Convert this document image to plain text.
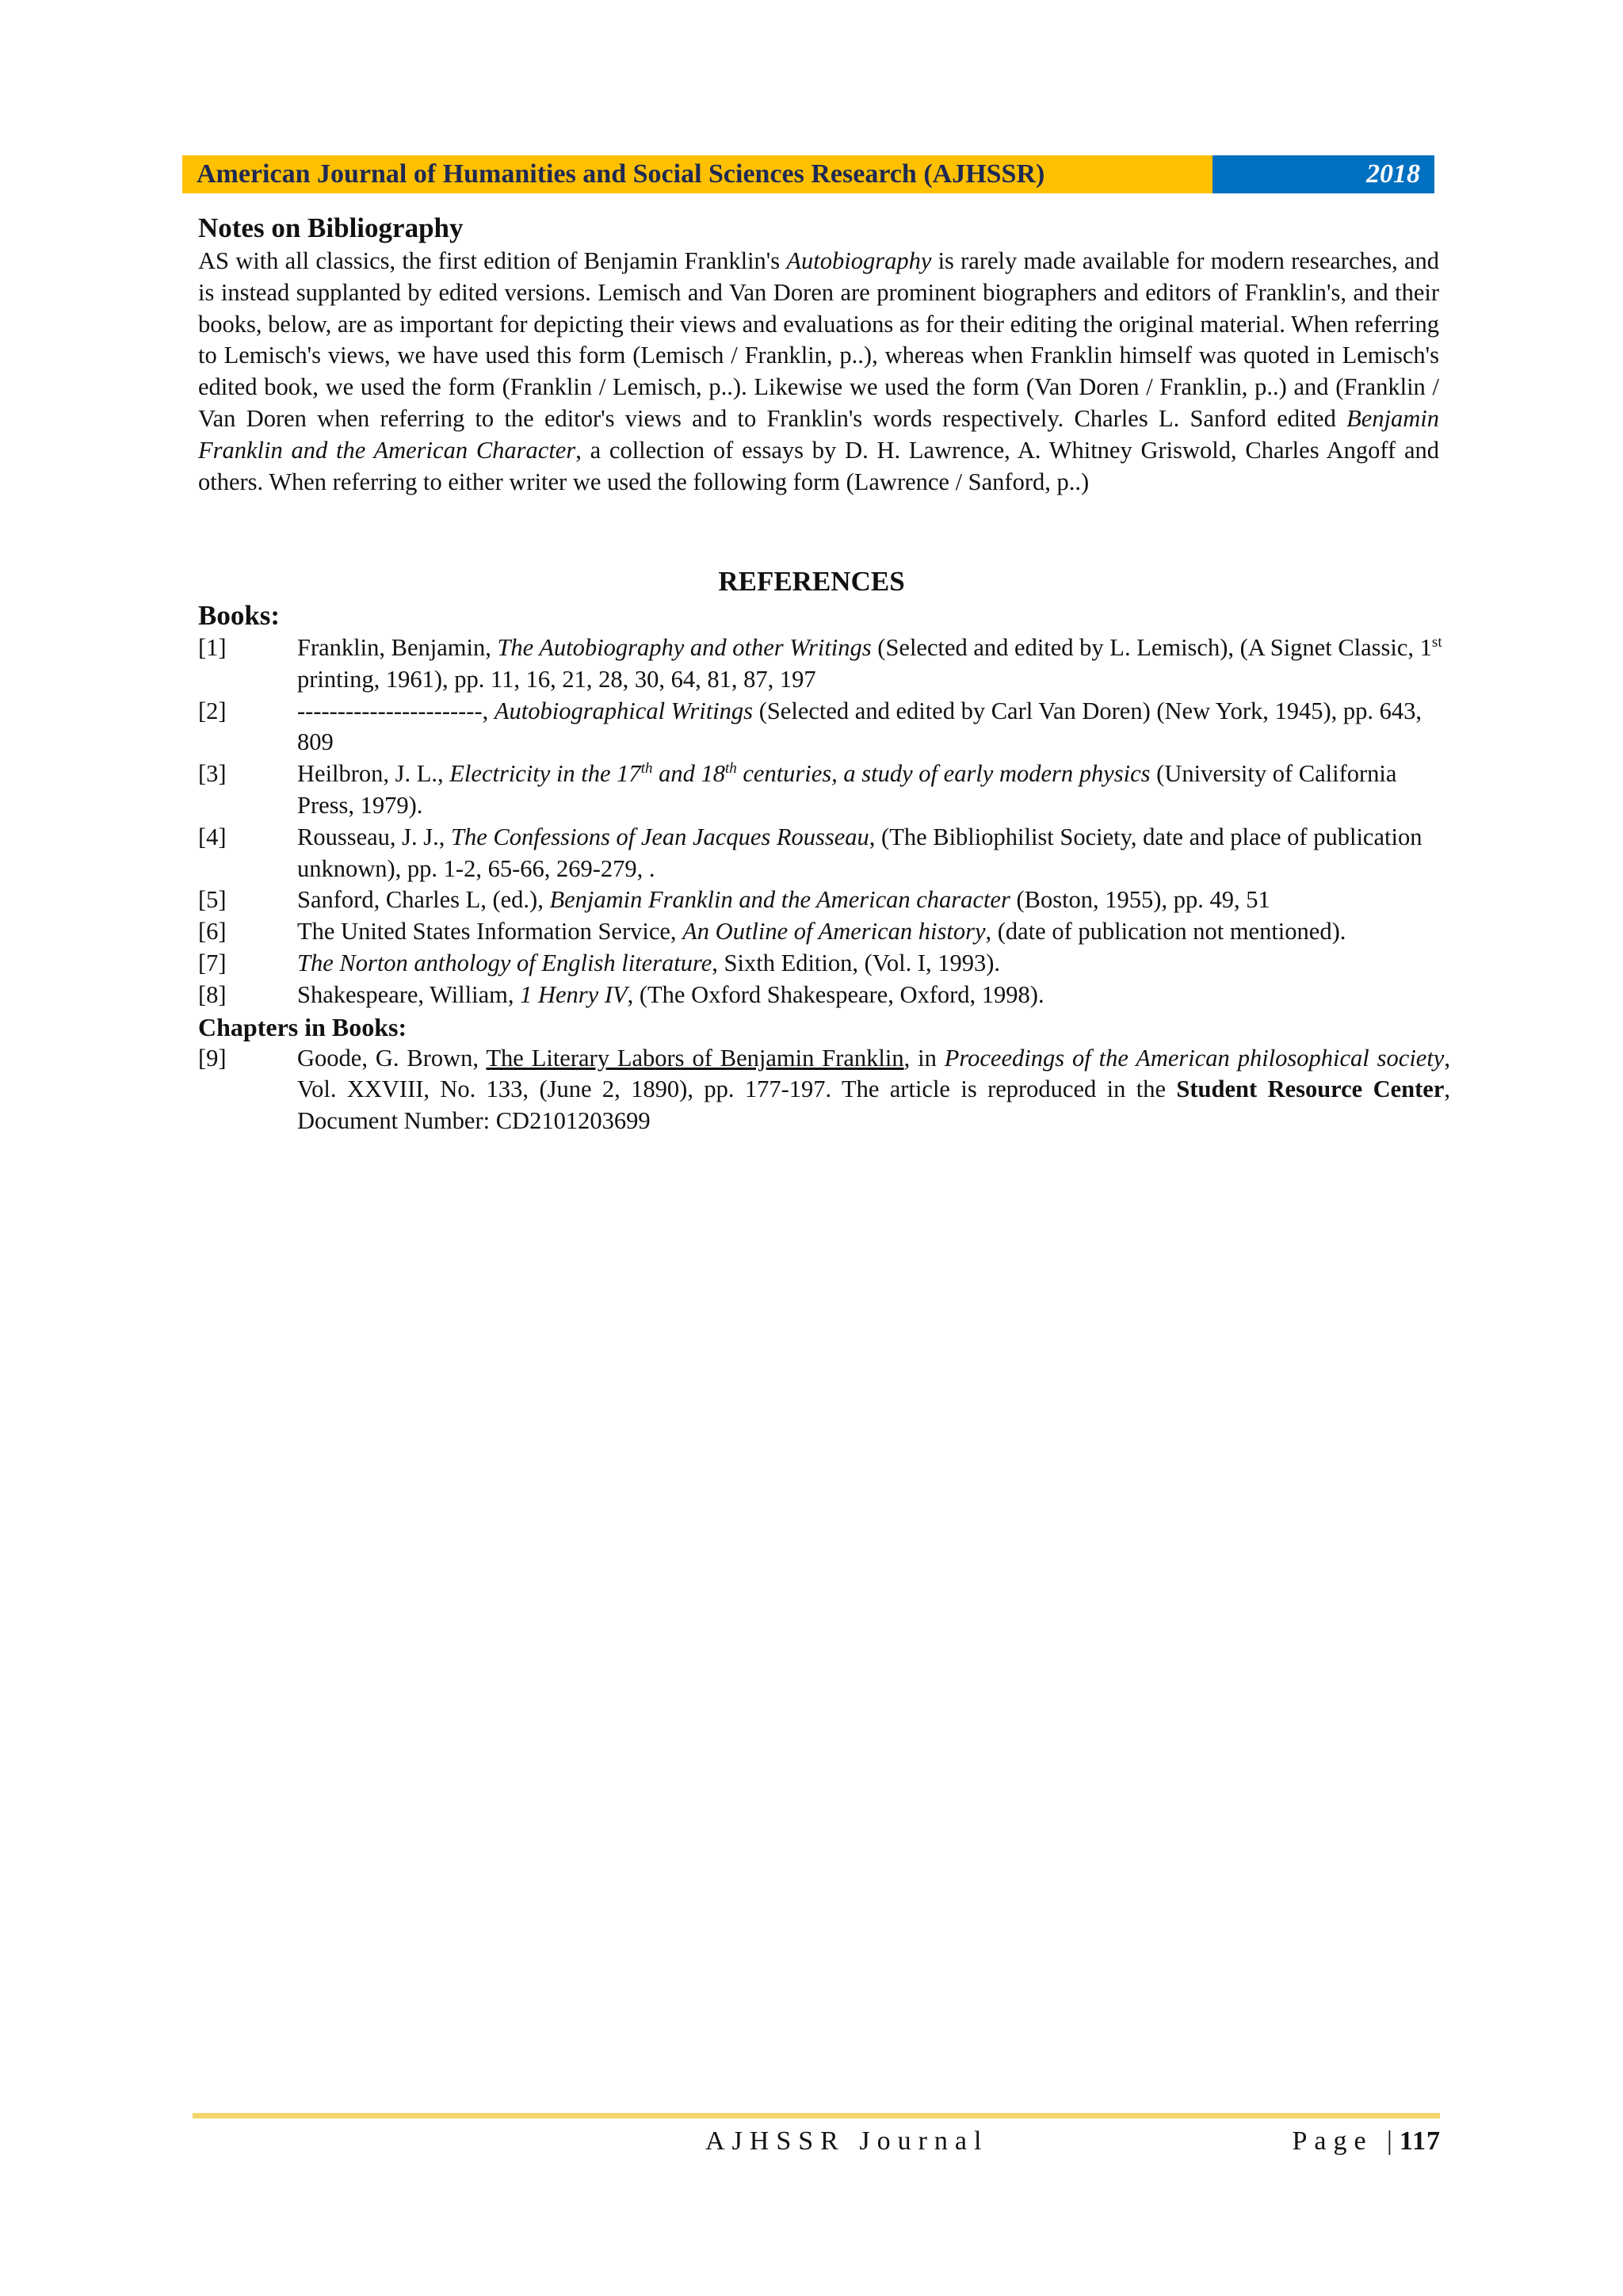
American Journal of Humanities and Social Sciences Research (AJHSSR)	2018
Notes on Bibliography

AS with all classics, the first edition of Benjamin Franklin's Autobiography is rarely made available for modern researches, and is instead supplanted by edited versions. Lemisch and Van Doren are prominent biographers and editors of Franklin's, and their books, below, are as important for depicting their views and evaluations as for their editing the original material. When referring to Lemisch's views, we have used this form (Lemisch / Franklin, p..), whereas when Franklin himself was quoted in Lemisch's edited book, we used the form (Franklin / Lemisch, p..). Likewise we used the form (Van Doren / Franklin, p..) and (Franklin / Van Doren when referring to the editor's views and to Franklin's words respectively. Charles L. Sanford edited Benjamin Franklin and the American Character, a collection of essays by D. H. Lawrence, A. Whitney Griswold, Charles Angoff and others. When referring to either writer we used the following form (Lawrence / Sanford, p..)

REFERENCES
Books:
[1]	Franklin, Benjamin, The Autobiography and other Writings (Selected and edited by L. Lemisch), (A Signet Classic, 1st printing, 1961), pp. 11, 16, 21, 28, 30, 64, 81, 87, 197
[2]	-----------------------, Autobiographical Writings (Selected and edited by Carl Van Doren) (New York, 1945), pp. 643, 809
[3]	Heilbron, J. L., Electricity in the 17th and 18th centuries, a study of early modern physics (University of California Press, 1979).
[4]	Rousseau, J. J., The Confessions of Jean Jacques Rousseau, (The Bibliophilist Society, date and place of publication unknown), pp. 1-2, 65-66, 269-279, .
[5]	Sanford, Charles L, (ed.), Benjamin Franklin and the American character (Boston, 1955), pp. 49, 51
[6]	The United States Information Service, An Outline of American history, (date of publication not mentioned).
[7]	The Norton anthology of English literature, Sixth Edition, (Vol. I, 1993).
[8]	Shakespeare, William, 1 Henry IV, (The Oxford Shakespeare, Oxford, 1998).
Chapters in Books:
[9]	Goode, G. Brown, The Literary Labors of Benjamin Franklin, in Proceedings of the American philosophical society, Vol. XXVIII, No. 133, (June 2, 1890), pp. 177-197. The article is reproduced in the Student Resource Center, Document Number: CD2101203699
AJHSSR Journal	Page |117
